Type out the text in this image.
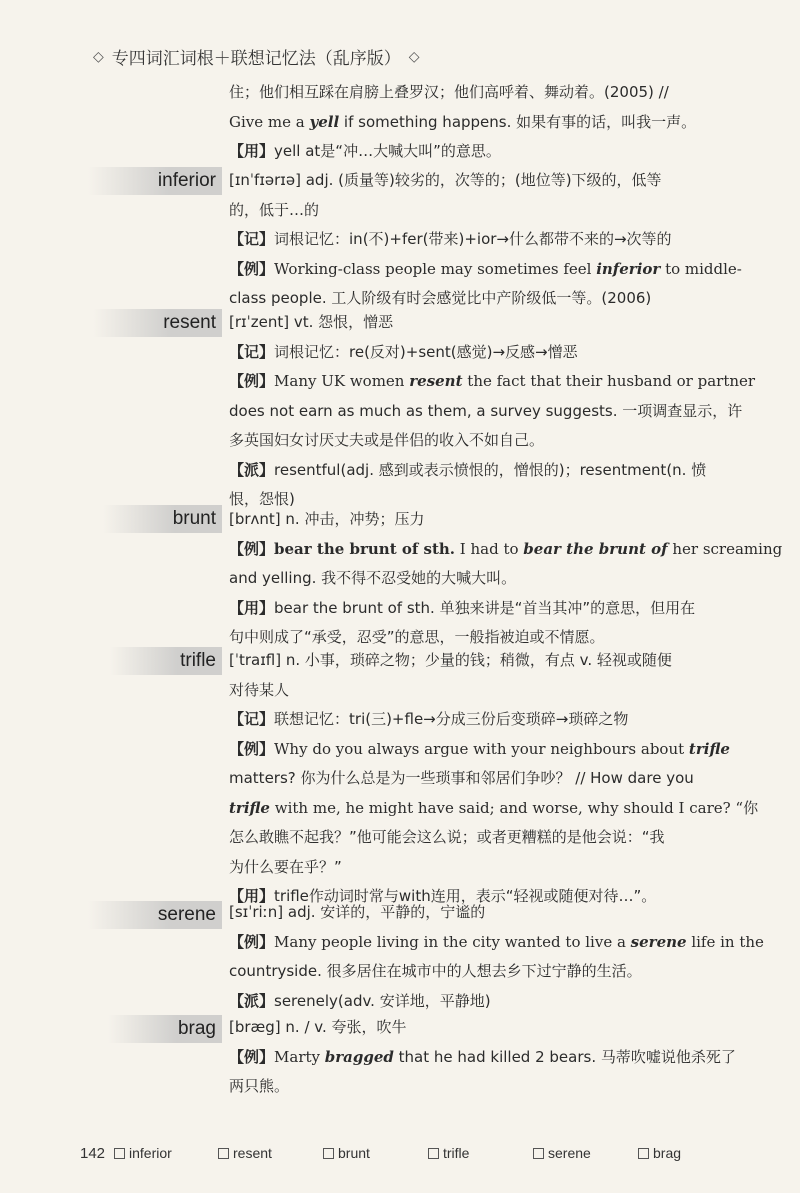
◇ 专四词汇词根＋联想记忆法（乱序版） ◇
住；他们相互踩在肩膀上叠罗汉；他们高呼着、舞动着。(2005) //
Give me a yell if something happens. 如果有事的话，叫我一声。
【用】yell at是“冲…大喊大叫”的意思。
inferior [ɪnˈfɪərɪə] adj. (质量等)较劣的，次等的；(地位等)下级的，低等
的，低于…的
【记】词根记忆：in(不)+fer(带来)+ior→什么都带不来的→次等的
【例】Working-class people may sometimes feel inferior to middle-
class people. 工人阶级有时会感觉比中产阶级低一等。(2006)
resent [rɪˈzent] vt. 怨恨，憎恶
【记】词根记忆：re(反对)+sent(感觉)→反感→憎恶
【例】Many UK women resent the fact that their husband or partner
does not earn as much as them, a survey suggests. 一项调查显示，许
多英国妇女讨厌丈夫或是伴侣的收入不如自己。
【派】resentful(adj. 感到或表示愤恨的，憎恨的)；resentment(n. 愤
恨，怨恨)
brunt [brʌnt] n. 冲击，冲势；压力
【例】bear the brunt of sth. I had to bear the brunt of her screaming
and yelling. 我不得不忍受她的大喊大叫。
【用】bear the brunt of sth. 单独来讲是“首当其冲”的意思，但用在
句中则成了“承受，忍受”的意思，一般指被迫或不情愿。
trifle [ˈtraɪfl] n. 小事，琐碎之物；少量的钱；稍微，有点 v. 轻视或随便
对待某人
【记】联想记忆：tri(三)+fle→分成三份后变琐碎→琐碎之物
【例】Why do you always argue with your neighbours about trifle
matters? 你为什么总是为一些琐事和邻居们争吵？ // How dare you
trifle with me, he might have said; and worse, why should I care? “你
怎么敢瞧不起我？”他可能会这么说；或者更糟糕的是他会说：“我
为什么要在乎？”
【用】trifle作动词时常与with连用，表示“轻视或随便对待…”。
serene [sɪˈriːn] adj. 安详的，平静的，宁谧的
【例】Many people living in the city wanted to live a serene life in the
countryside. 很多居住在城市中的人想去乡下过宁静的生活。
【派】serenely(adv. 安详地，平静地)
brag [bræg] n. / v. 夸张，吹牛
【例】Marty bragged that he had killed 2 bears. 马蒂吹嘘说他杀死了
两只熊。
142 inferior	resent	brunt	trifle	serene	brag
